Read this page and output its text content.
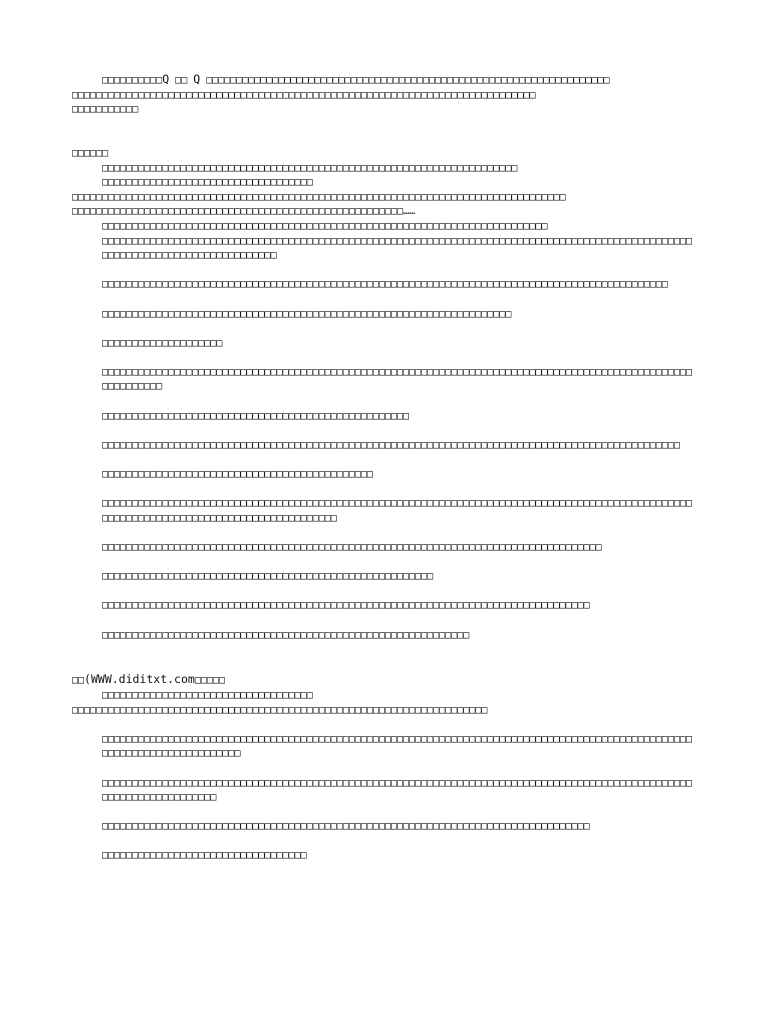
□□□□□□□□□□Q □□ Q □□□□□□□□□□□□□□□□□□□□□□□□□□□□□□□□□□□□□□□□□□□□□□□□□□□□□□□□□□□□□□□□□□□
□□□□□□□□□□□□□□□□□□□□□□□□□□□□□□□□□□□□□□□□□□□□□□□□□□□□□□□□□□□□□□□□□□□□□□□□□□□□□
□□□□□□□□□□□
□□□□□□
□□□□□□□□□□□□□□□□□□□□□□□□□□□□□□□□□□□□□□□□□□□□□□□□□□□□□□□□□□□□□□□□□□□□□
□□□□□□□□□□□□□□□□□□□□□□□□□□□□□□□□□□□
□□□□□□□□□□□□□□□□□□□□□□□□□□□□□□□□□□□□□□□□□□□□□□□□□□□□□□□□□□□□□□□□□□□□□□□□□□□□□□□□□□
□□□□□□□□□□□□□□□□□□□□□□□□□□□□□□□□□□□□□□□□□□□□□□□□□□□□□□□……
□□□□□□□□□□□□□□□□□□□□□□□□□□□□□□□□□□□□□□□□□□□□□□□□□□□□□□□□□□□□□□□□□□□□□□□□□□
□□□□□□□□□□□□□□□□□□□□□□□□□□□□□□□□□□□□□□□□□□□□□□□□□□□□□□□□□□□□□□□□□□□□□□□□□□□□□□□□□□□□□□□□□□□□□□□□□□□□□□□□□□□□□□□□□□□□□□□□□□□□□□□
□□□□□□□□□□□□□□□□□□□□□□□□□□□□□□□□□□□□□□□□□□□□□□□□□□□□□□□□□□□□□□□□□□□□□□□□□□□□□□□□□□□□□□□□□□□□□□
□□□□□□□□□□□□□□□□□□□□□□□□□□□□□□□□□□□□□□□□□□□□□□□□□□□□□□□□□□□□□□□□□□□□
□□□□□□□□□□□□□□□□□□□□
□□□□□□□□□□□□□□□□□□□□□□□□□□□□□□□□□□□□□□□□□□□□□□□□□□□□□□□□□□□□□□□□□□□□□□□□□□□□□□□□□□□□□□□□□□□□□□□□□□□□□□□□□□□□
□□□□□□□□□□□□□□□□□□□□□□□□□□□□□□□□□□□□□□□□□□□□□□□□□□□
□□□□□□□□□□□□□□□□□□□□□□□□□□□□□□□□□□□□□□□□□□□□□□□□□□□□□□□□□□□□□□□□□□□□□□□□□□□□□□□□□□□□□□□□□□□□□□□□
□□□□□□□□□□□□□□□□□□□□□□□□□□□□□□□□□□□□□□□□□□□□□
□□□□□□□□□□□□□□□□□□□□□□□□□□□□□□□□□□□□□□□□□□□□□□□□□□□□□□□□□□□□□□□□□□□□□□□□□□□□□□□□□□□□□□□□□□□□□□□□□□□□□□□□□□□□□□□□□□□□□□□□□□□□□□□□□□□□□□□□□
□□□□□□□□□□□□□□□□□□□□□□□□□□□□□□□□□□□□□□□□□□□□□□□□□□□□□□□□□□□□□□□□□□□□□□□□□□□□□□□□□□□
□□□□□□□□□□□□□□□□□□□□□□□□□□□□□□□□□□□□□□□□□□□□□□□□□□□□□□□
□□□□□□□□□□□□□□□□□□□□□□□□□□□□□□□□□□□□□□□□□□□□□□□□□□□□□□□□□□□□□□□□□□□□□□□□□□□□□□□□□
□□□□□□□□□□□□□□□□□□□□□□□□□□□□□□□□□□□□□□□□□□□□□□□□□□□□□□□□□□□□□
□□(WWW.diditxt.com□□□□□
□□□□□□□□□□□□□□□□□□□□□□□□□□□□□□□□□□□
□□□□□□□□□□□□□□□□□□□□□□□□□□□□□□□□□□□□□□□□□□□□□□□□□□□□□□□□□□□□□□□□□□□□□
□□□□□□□□□□□□□□□□□□□□□□□□□□□□□□□□□□□□□□□□□□□□□□□□□□□□□□□□□□□□□□□□□□□□□□□□□□□□□□□□□□□□□□□□□□□□□□□□□□□□□□□□□□□□□□□□□□□□□□□□□
□□□□□□□□□□□□□□□□□□□□□□□□□□□□□□□□□□□□□□□□□□□□□□□□□□□□□□□□□□□□□□□□□□□□□□□□□□□□□□□□□□□□□□□□□□□□□□□□□□□□□□□□□□□□□□□□□□□□□
□□□□□□□□□□□□□□□□□□□□□□□□□□□□□□□□□□□□□□□□□□□□□□□□□□□□□□□□□□□□□□□□□□□□□□□□□□□□□□□□□
□□□□□□□□□□□□□□□□□□□□□□□□□□□□□□□□□□
